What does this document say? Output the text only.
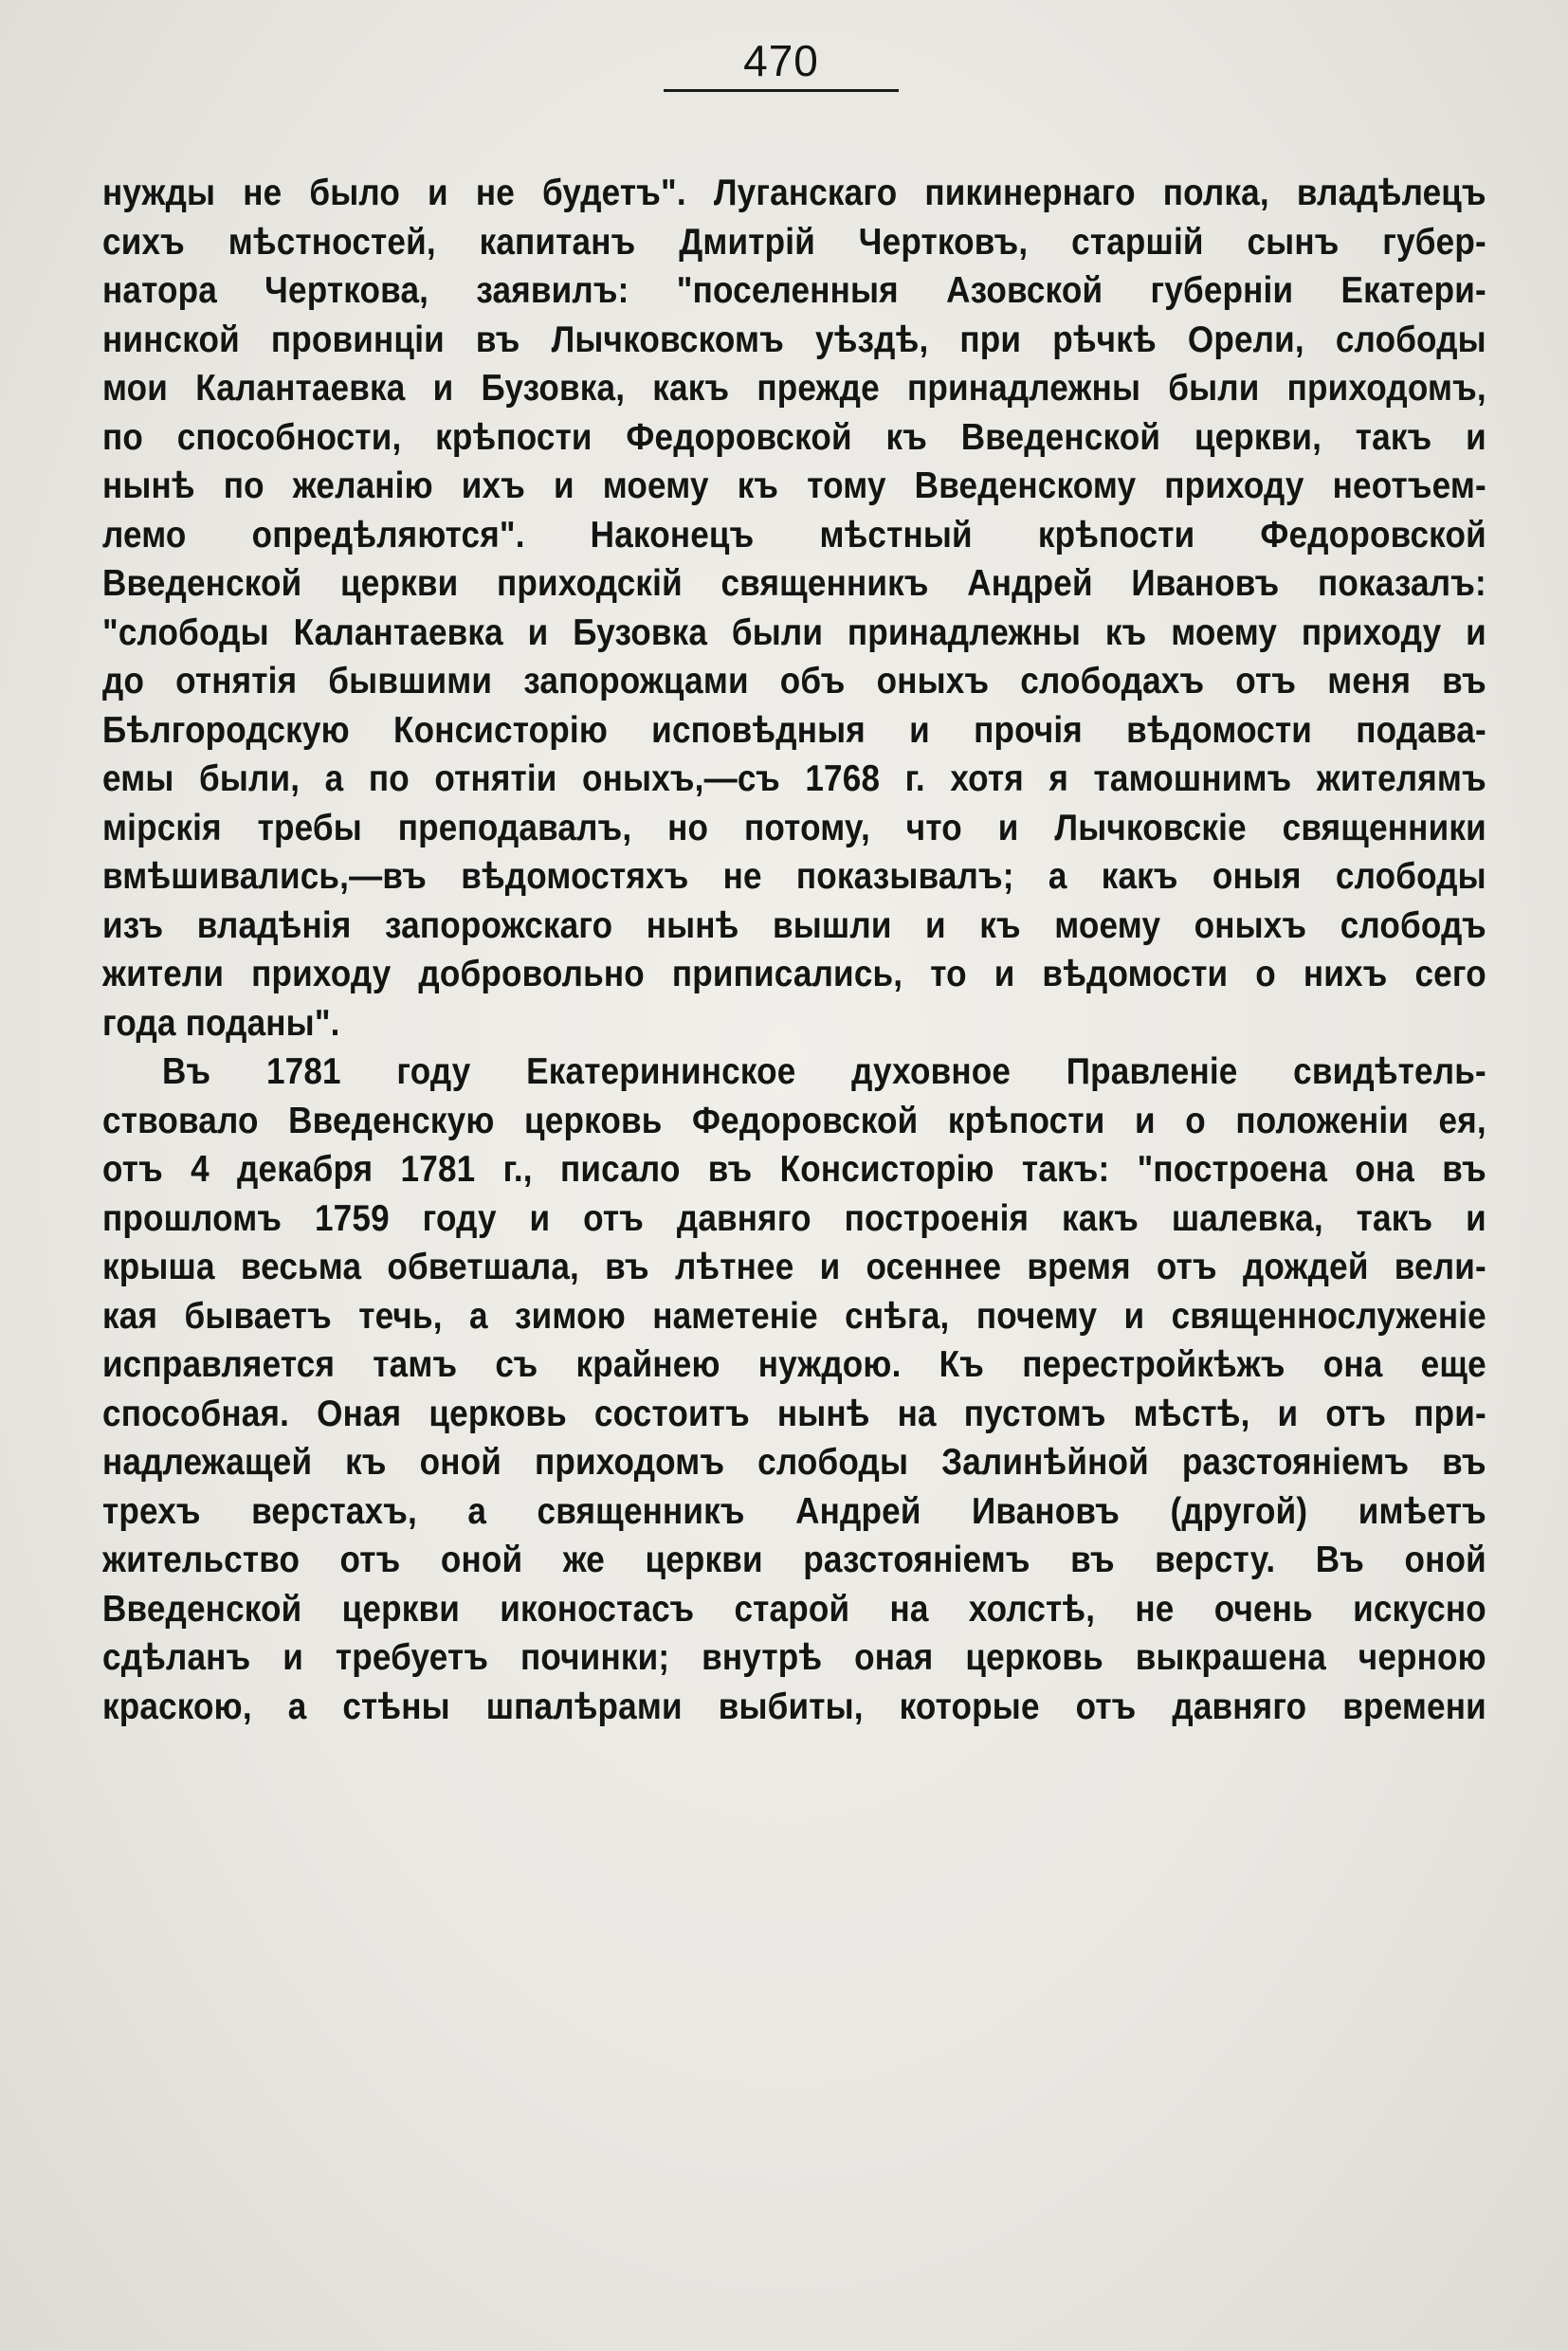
470
нужды не было и не будетъ". Луганскаго пикинернаго полка, владѣлецъ
сихъ мѣстностей, капитанъ Дмитрій Чертковъ, старшій сынъ губер-
натора Черткова, заявилъ: "поселенныя Азовской губерніи Екатери-
нинской провинціи въ Лычковскомъ уѣздѣ, при рѣчкѣ Орели, слободы
мои Калантаевка и Бузовка, какъ прежде принадлежны были приходомъ,
по способности, крѣпости Федоровской къ Введенской церкви, такъ и
нынѣ по желанію ихъ и моему къ тому Введенскому приходу неотъем-
лемо опредѣляются". Наконецъ мѣстный крѣпости Федоровской
Введенской церкви приходскій священникъ Андрей Ивановъ показалъ:
"слободы Калантаевка и Бузовка были принадлежны къ моему приходу и
до отнятія бывшими запорожцами объ оныхъ слободахъ отъ меня въ
Бѣлгородскую Консисторію исповѣдныя и прочія вѣдомости подава-
емы были, а по отнятіи оныхъ,—съ 1768 г. хотя я тамошнимъ жителямъ
мірскія требы преподавалъ, но потому, что и Лычковскіе священники
вмѣшивались,—въ вѣдомостяхъ не показывалъ; а какъ оныя слободы
изъ владѣнія запорожскаго нынѣ вышли и къ моему оныхъ слободъ
жители приходу добровольно приписались, то и вѣдомости о нихъ сего
года поданы".
Въ 1781 году Екатерининское духовное Правленіе свидѣтель-
ствовало Введенскую церковь Федоровской крѣпости и о положеніи ея,
отъ 4 декабря 1781 г., писало въ Консисторію такъ: "построена она въ
прошломъ 1759 году и отъ давняго построенія какъ шалевка, такъ и
крыша весьма обветшала, въ лѣтнее и осеннее время отъ дождей вели-
кая бываетъ течь, а зимою наметеніе снѣга, почему и священнослуженіе
исправляется тамъ съ крайнею нуждою. Къ перестройкѣжъ она еще
способная. Оная церковь состоитъ нынѣ на пустомъ мѣстѣ, и отъ при-
надлежащей къ оной приходомъ слободы Залинѣйной разстояніемъ въ
трехъ верстахъ, а священникъ Андрей Ивановъ (другой) имѣетъ
жительство отъ оной же церкви разстояніемъ въ версту. Въ оной
Введенской церкви иконостасъ старой на холстѣ, не очень искусно
сдѣланъ и требуетъ починки; внутрѣ оная церковь выкрашена черною
краскою, а стѣны шпалѣрами выбиты, которые отъ давняго времени
